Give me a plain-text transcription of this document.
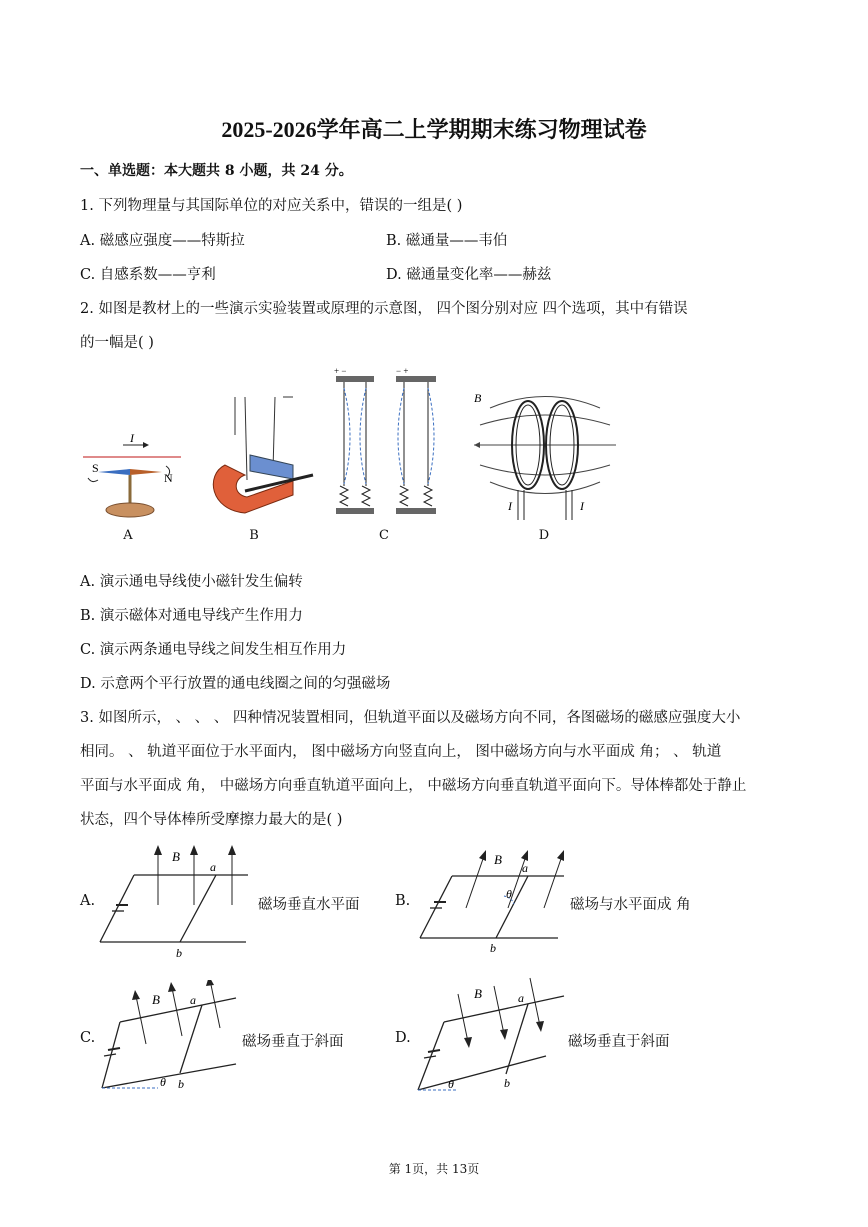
2025-2026学年高二上学期期末练习物理试卷
一、单选题：本大题共 8 小题，共 24 分。
1. 下列物理量与其国际单位的对应关系中，错误的一组是( )
A. 磁感应强度——特斯拉	B. 磁通量——韦伯
C. 自感系数——亨利	D. 磁通量变化率——赫兹
2. 如图是教材上的一些演示实验装置或原理的示意图， 四个图分别对应 四个选项，其中有错误
的一幅是( )
I
S
N
A	B
+ −	− +
C
B
I	I
D
A. 演示通电导线使小磁针发生偏转
B. 演示磁体对通电导线产生作用力
C. 演示两条通电导线之间发生相互作用力
D. 示意两个平行放置的通电线圈之间的匀强磁场
3. 如图所示， 、 、 、 四种情况装置相同，但轨道平面以及磁场方向不同，各图磁场的磁感应强度大小
相同。 、 轨道平面位于水平面内， 图中磁场方向竖直向上， 图中磁场方向与水平面成 角； 、 轨道
平面与水平面成 角， 中磁场方向垂直轨道平面向上， 中磁场方向垂直轨道平面向下。导体棒都处于静止
状态，四个导体棒所受摩擦力最大的是( )
A.
B
a
b
磁场垂直水平面 B.
B
a
θ
b
磁场与水平面成 角
C.
B	a
θ b
磁场垂直于斜面	D.
B	a
θ	b
磁场垂直于斜面
第 1页，共 13页
